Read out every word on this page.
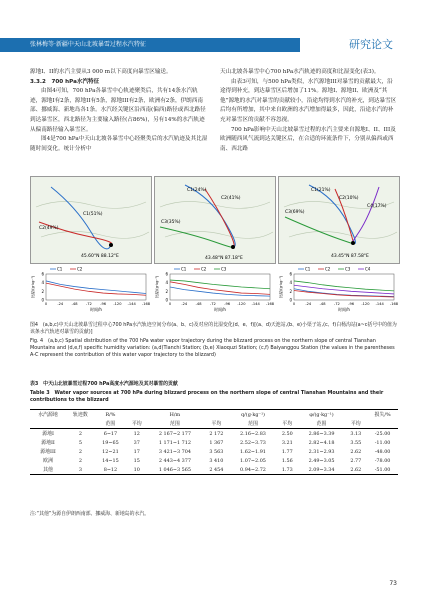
张林梅等·新疆中天山北坡暴雪过程水汽特征	研究论文

源地I、II的水汽主要从3 000 m以下高度向暴雪区输送。

3.3.2　700 hPa水汽特征

由图4可知，700 hPa各暴雪中心轨迹聚类后，共有14条水汽轨迹，源地I有2条，源地II有5条，源地III有2条，欧洲有2条，伊朗西南部、挪威海、新地岛各1条。水汽经关键区沿西南(偏西)路径或西北路径到达暴雪区，西北路径为主要输入路径(占86%)，另有14%的水汽轨迹从偏南路径输入暴雪区。

图4是700 hPa中天山北坡各暴雪中心经聚类后的水汽轨迹及其比湿随时间变化。统计分析中

天山北坡各暴雪中心700 hPa水汽轨迹的高度和比湿变化(表3)。

由表3可知，与500 hPa类似，水汽源地III对暴雪的贡献最大，沿途得到补充，到达暴雪区后增加了11%。源地I、源地II、欧洲及“其他”源地的水汽对暴雪的贡献较小，沿途均得到水汽的补充，到达暴雪区后均有所增加，其中来自欧洲的水汽增加得最多，因此，沿途水汽的补充对暴雪区的贡献不容忽视。

700 hPa影响中天山北坡暴雪过程的水汽主要来自源地I、II、III及欧洲随西风气流到达关键区后，在合适的环流条件下，分别从偏西或西南、西北路

C1(51%)
C2(49%)
45.60°N 88.12°E
C1(24%)
C2(41%)
C3(35%)
43.48°N 87.18°E
C1(21%)
C2(10%)
C3(69%)
C4(17%)
43.45°N 87.58°E
0
2
4
6
0	-24 -48 -72 -96 -120 -144 -168
时间/h
比湿/(g·kg⁻¹)
C1	C2
0
2
4
6
0	-24 -48 -72 -96 -120 -144 -168
时间/h
比湿/(g·kg⁻¹)
C1	C2	C3
0
2
4
6
0	-24 -48 -72 -96 -120 -144 -168
时间/h
比湿/(g·kg⁻¹)
C1	C2	C3	C4
图4　(a,b,c)中天山北坡暴雪过程中心700 hPa水汽轨迹空间分布(a、b、c)及对应的比湿变化(d、e、f)[(a、d)天池站,(b、e)小渠子站,(c、f)白杨沟站(a~c括号中的值为该条水汽轨迹对暴雪的贡献)]
Fig. 4　(a,b,c) Spatial distribution of the 700 hPa water vapor trajectory during the blizzard process on the northern slope of central Tianshan Mountains and (d,e,f) specific humidity variation: (a,d)Tianchi Station; (b,e) Xiaoquzi Station; (c,f) Baiyanggou Station (the values in the parentheses A-C represent the contribution of this water vapor trajectory to the blizzard)
表3　中天山北坡暴雪过程700 hPa高度水汽源地及其对暴雪的贡献
Table 3　Water vapor sources at 700 hPa during blizzard process on the northern slope of central Tianshan Mountains and their contributions to the blizzard
水汽源地	轨迹数	R/%		H/m		q/(g·kg⁻¹)		φ/(g·kg⁻¹)		损失/%
		范围	平均	范围	平均	范围	平均	范围	平均	
源地I	2	6~17	12	2 167~2 177	2 172	2.16~2.83	2.50	2.86~3.39	3.13	-25.00
源地II	5	19~65	37	1 171~1 712	1 367	2.52~3.73	3.21	2.82~4.18	3.55	-11.00
源地III	2	12~21	17	3 421~3 704	3 563	1.62~1.91	1.77	2.31~2.93	2.62	-48.00
欧洲	2	14~15	15	2 443~4 377	3 410	1.07~2.05	1.56	2.49~3.05	2.77	-78.00
其他	3	8~12	10	1 046~3 565	2 454	0.94~2.72	1.73	2.09~3.34	2.62	-51.00
注:“其他”为源自伊朗西南部、挪威海、新地岛的水汽。
73
